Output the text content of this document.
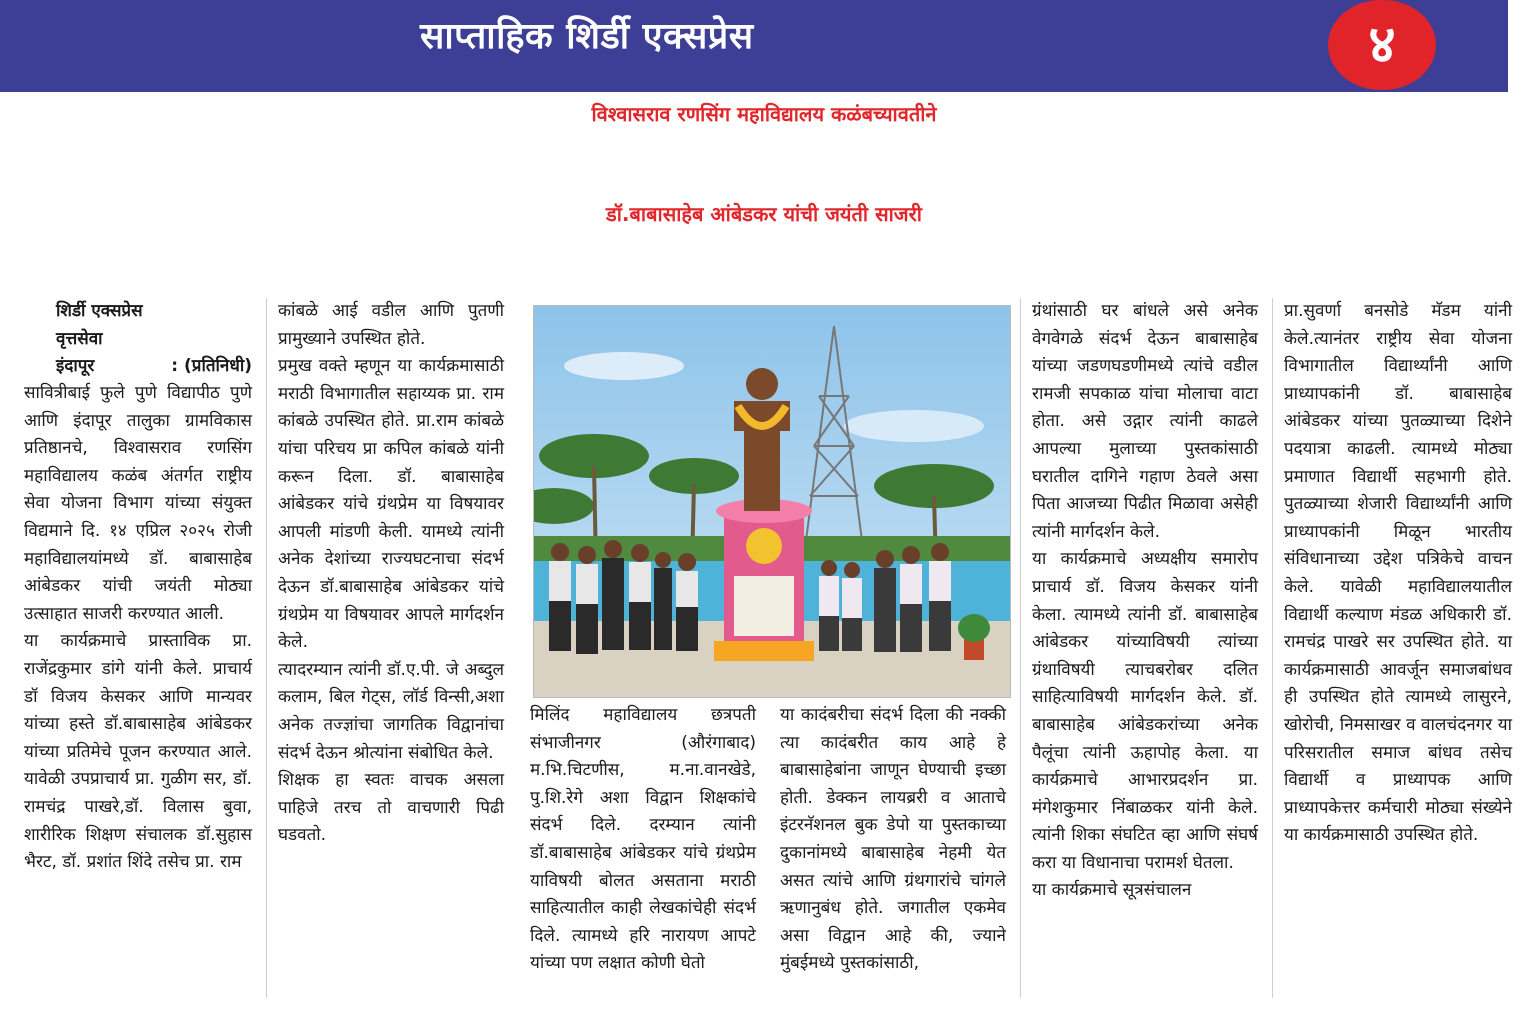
साप्ताहिक शिर्डी एक्सप्रेस	४
विश्वासराव रणसिंग महाविद्यालय कळंबच्यावतीने
डॉ.बाबासाहेब आंबेडकर यांची जयंती साजरी
शिर्डी एक्सप्रेस
वृत्तसेवा
इंदापूर	: (प्रतिनिधी)
सावित्रीबाई फुले पुणे विद्यापीठ पुणे आणि इंदापूर तालुका ग्रामविकास प्रतिष्ठानचे, विश्वासराव रणसिंग महाविद्यालय कळंब अंतर्गत राष्ट्रीय सेवा योजना विभाग यांच्या संयुक्त विद्यमाने दि. १४ एप्रिल २०२५ रोजी महाविद्यालयांमध्ये डॉ. बाबासाहेब आंबेडकर यांची जयंती मोठ्या उत्साहात साजरी करण्यात आली.
या कार्यक्रमाचे प्रास्ताविक प्रा. राजेंद्रकुमार डांगे यांनी केले. प्राचार्य डॉ विजय केसकर आणि मान्यवर यांच्या हस्ते डॉ.बाबासाहेब आंबेडकर यांच्या प्रतिमेचे पूजन करण्यात आले. यावेळी उपप्राचार्य प्रा. गुळीग सर, डॉ. रामचंद्र पाखरे,डॉ. विलास बुवा, शारीरिक शिक्षण संचालक डॉ.सुहास भैरट, डॉ. प्रशांत शिंदे तसेच प्रा. राम
कांबळे आई वडील आणि पुतणी प्रामुख्याने उपस्थित होते.
प्रमुख वक्ते म्हणून या कार्यक्रमासाठी मराठी विभागातील सहाय्यक प्रा. राम कांबळे उपस्थित होते. प्रा.राम कांबळे यांचा परिचय प्रा कपिल कांबळे यांनी करून दिला. डॉ. बाबासाहेब आंबेडकर यांचे ग्रंथप्रेम या विषयावर आपली मांडणी केली. यामध्ये त्यांनी अनेक देशांच्या राज्यघटनाचा संदर्भ देऊन डॉ.बाबासाहेब आंबेडकर यांचे ग्रंथप्रेम या विषयावर आपले मार्गदर्शन केले.
त्यादरम्यान त्यांनी डॉ.ए.पी. जे अब्दुल कलाम, बिल गेट्स, लॉर्ड विन्सी,अशा अनेक तज्ज्ञांचा जागतिक विद्वानांचा संदर्भ देऊन श्रोत्यांना संबोधित केले.
शिक्षक हा स्वतः वाचक असला पाहिजे तरच तो वाचणारी पिढी घडवतो.
मिलिंद महाविद्यालय छत्रपती संभाजीनगर (औरंगाबाद) म.भि.चिटणीस, म.ना.वानखेडे, पु.शि.रेगे अशा विद्वान शिक्षकांचे संदर्भ दिले. दरम्यान त्यांनी डॉ.बाबासाहेब आंबेडकर यांचे ग्रंथप्रेम याविषयी बोलत असताना मराठी साहित्यातील काही लेखकांचेही संदर्भ दिले. त्यामध्ये हरि नारायण आपटे यांच्या पण लक्षात कोणी घेतो
या कादंबरीचा संदर्भ दिला की नक्की त्या कादंबरीत काय आहे हे बाबासाहेबांना जाणून घेण्याची इच्छा होती. डेक्कन लायब्ररी व आताचे इंटरनॅशनल बुक डेपो या पुस्तकाच्या दुकानांमध्ये बाबासाहेब नेहमी येत असत त्यांचे आणि ग्रंथगारांचे चांगले ऋणानुबंध होते. जगातील एकमेव असा विद्वान आहे की, ज्याने मुंबईमध्ये पुस्तकांसाठी,
ग्रंथांसाठी घर बांधले असे अनेक वेगवेगळे संदर्भ देऊन बाबासाहेब यांच्या जडणघडणीमध्ये त्यांचे वडील रामजी सपकाळ यांचा मोलाचा वाटा होता. असे उद्गार त्यांनी काढले आपल्या मुलाच्या पुस्तकांसाठी घरातील दागिने गहाण ठेवले असा पिता आजच्या पिढीत मिळावा असेही त्यांनी मार्गदर्शन केले.
या कार्यक्रमाचे अध्यक्षीय समारोप प्राचार्य डॉ. विजय केसकर यांनी केला. त्यामध्ये त्यांनी डॉ. बाबासाहेब आंबेडकर यांच्याविषयी त्यांच्या ग्रंथाविषयी त्याचबरोबर दलित साहित्याविषयी मार्गदर्शन केले. डॉ. बाबासाहेब आंबेडकरांच्या अनेक पैलूंचा त्यांनी ऊहापोह केला. या कार्यक्रमाचे आभारप्रदर्शन प्रा. मंगेशकुमार निंबाळकर यांनी केले. त्यांनी शिका संघटित व्हा आणि संघर्ष करा या विधानाचा परामर्श घेतला.
या कार्यक्रमाचे सूत्रसंचालन
प्रा.सुवर्णा बनसोडे मॅडम यांनी केले.त्यानंतर राष्ट्रीय सेवा योजना विभागातील विद्यार्थ्यांनी आणि प्राध्यापकांनी डॉ. बाबासाहेब आंबेडकर यांच्या पुतळ्याच्या दिशेने पदयात्रा काढली. त्यामध्ये मोठ्या प्रमाणात विद्यार्थी सहभागी होते. पुतळ्याच्या शेजारी विद्यार्थ्यांनी आणि प्राध्यापकांनी मिळून भारतीय संविधानाच्या उद्देश पत्रिकेचे वाचन केले. यावेळी महाविद्यालयातील विद्यार्थी कल्याण मंडळ अधिकारी डॉ. रामचंद्र पाखरे सर उपस्थित होते. या कार्यक्रमासाठी आवर्जून समाजबांधव ही उपस्थित होते त्यामध्ये लासुरने, खोरोची, निमसाखर व वालचंदनगर या परिसरातील समाज बांधव तसेच विद्यार्थी व प्राध्यापक आणि प्राध्यापकेत्तर कर्मचारी मोठ्या संख्येने या कार्यक्रमासाठी उपस्थित होते.
